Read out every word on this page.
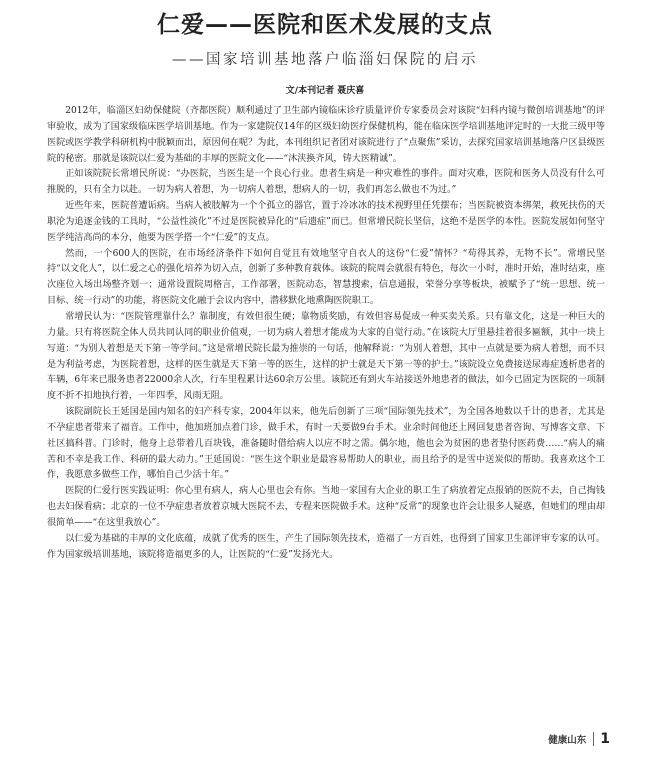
仁爱——医院和医术发展的支点
——国家培训基地落户临淄妇保院的启示
文/本刊记者 聂庆喜

2012年，临淄区妇幼保健院（齐都医院）顺利通过了卫生部内镜临床诊疗质量评价专家委员会对该院“妇科内镜与微创培训基地”的评审验收，成为了国家级临床医学培训基地。作为一家建院仅14年的区级妇幼医疗保健机构，能在临床医学培训基地评定时的一大批三级甲等医院或医学教学科研机构中脱颖而出，原因何在呢？为此，本刊组织记者团对该院进行了“点聚焦”采访，去探究国家培训基地落户区县级医院的秘密。那就是该院以仁爱为基础的丰厚的医院文化——“沐浃换齐风，铸大医精诚”。

正如该院院长常增民所说：“办医院，当医生是一个良心行业。患者生病是一种灾难性的事件。面对灾难，医院和医务人员没有什么可推脱的，只有全力以赴。一切为病人着想，为一切病人着想，想病人的一切，我们再怎么做也不为过。”

近些年来，医院普遭诟病。当病人被肢解为一个个孤立的器官，置于冷冰冰的技术视野里任凭摆布；当医院被资本绑架，救死扶伤的天职沦为追逐金钱的工具时，“公益性淡化”不过是医院被异化的“后遗症”而已。但常增民院长坚信，这绝不是医学的本性。医院发展如何坚守医学纯洁高尚的本分，他要为医学搭一个“仁爱”的支点。

然而，一个600人的医院，在市场经济条件下如何自觉且有效地坚守自衣人的这份“仁爱”情怀？“苟得其养，无物不长”。常增民坚持“以文化人”，以仁爱之心的强化培养为切入点，创新了多种教育载体。该院的院周会就很有特色，每次一小时，准时开始，准时结束，座次座位入场出场整齐划一；通常设置院周格言，工作部署，医院动态，智慧搜索，信息通报，荣誉分享等板块，被赋予了“统一思想、统一目标、统一行动”的功能，将医院文化融于会议内容中，潜移默化地熏陶医院职工。

常增民认为：“医院管理靠什么？靠制度，有效但很生硬；靠物质奖励，有效但容易促成一种买卖关系。只有靠文化，这是一种巨大的力量。只有将医院全体人员共同认同的职业价值观，一切为病人着想才能成为大家的自觉行动。”在该院大厅里悬挂着很多匾额，其中一块上写道：“为别人着想是天下第一等学问。”这是常增民院长最为推崇的一句话，他解释说：“为别人着想，其中一点就是要为病人着想，而不只是为利益考虑，为医院着想，这样的医生就是天下第一等的医生，这样的护士就是天下第一等的护士。”该院设立免费接送尿毒症透析患者的车辆，6年来已服务患者22000余人次，行车里程累计达60余万公里。该院还有到火车站接送外地患者的做法，如今已固定为医院的一项制度不折不扣地执行着，一年四季，风雨无阻。

该院副院长王延国是国内知名的妇产科专家，2004年以来，他先后创新了三项“国际领先技术”，为全国各地数以千计的患者，尤其是不孕症患者带来了福音。工作中，他加班加点着门诊，做手术，有时一天要做9台手术。业余时间他还上网回复患者咨询、写博客文章、下社区搞科普。门诊时，他身上总带着几百块钱，准备随时借给病人以应不时之需。偶尔地，他也会为贫困的患者垫付医药费……“病人的痛苦和不幸是我工作、科研的最大动力。”王延国说：“医生这个职业是最容易帮助人的职业，而且给予的是雪中送炭似的帮助。我喜欢这个工作，我愿意多做些工作，哪怕自己少活十年。”

医院的仁爱行医实践证明：你心里有病人，病人心里也会有你。当地一家国有大企业的职工生了病放着定点报销的医院不去，自己掏钱也去妇保看病；北京的一位不孕症患者放着京城大医院不去，专程来医院做手术。这种“反常”的现象也许会让很多人疑惑，但她们的理由却很简单——“在这里我放心”。

以仁爱为基础的丰厚的文化底蕴，成就了优秀的医生，产生了国际领先技术，造福了一方百姓，也得到了国家卫生部评审专家的认可。作为国家级培训基地，该院将造福更多的人，让医院的“仁爱”发扬光大。

健康山东 1
